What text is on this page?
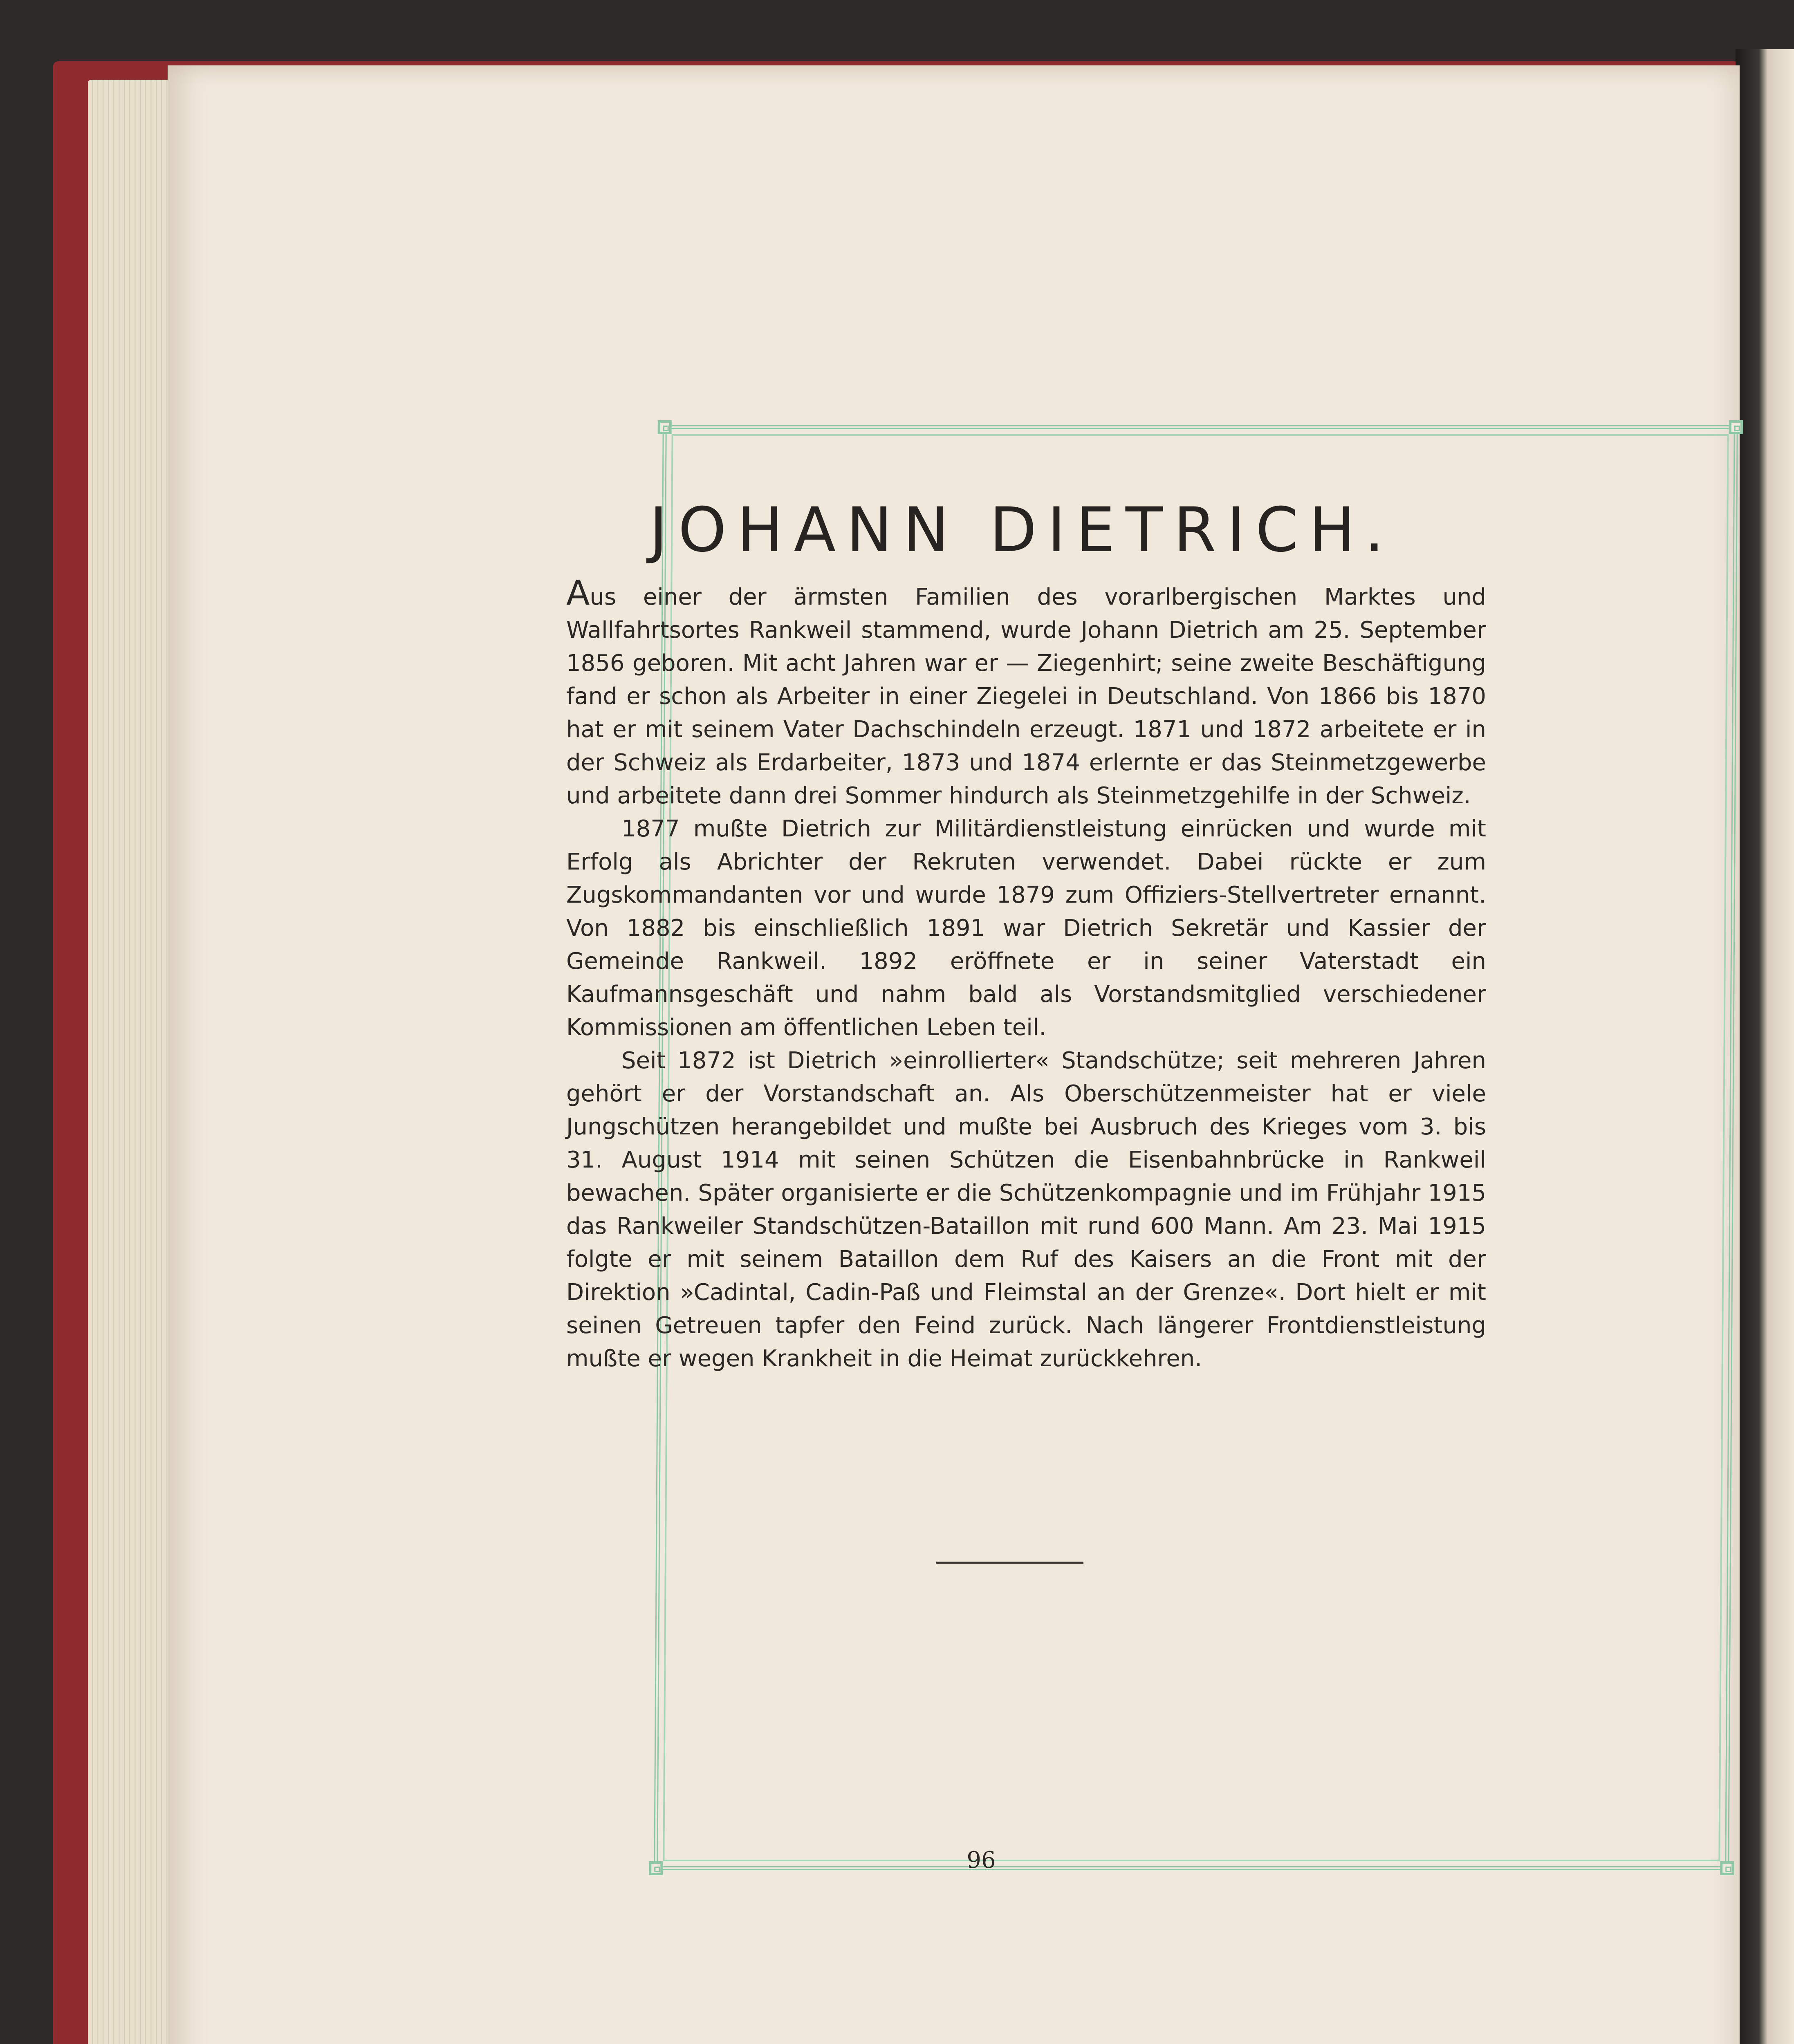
JOHANN DIETRICH.

Aus einer der ärmsten Familien des vorarlbergischen Marktes und Wallfahrtsortes Rankweil stammend, wurde Johann Dietrich am 25. September 1856 geboren. Mit acht Jahren war er — Ziegenhirt; seine zweite Beschäftigung fand er schon als Arbeiter in einer Ziegelei in Deutschland. Von 1866 bis 1870 hat er mit seinem Vater Dachschindeln erzeugt. 1871 und 1872 arbeitete er in der Schweiz als Erdarbeiter, 1873 und 1874 erlernte er das Steinmetzgewerbe und arbeitete dann drei Sommer hindurch als Steinmetzgehilfe in der Schweiz.

1877 mußte Dietrich zur Militärdienstleistung einrücken und wurde mit Erfolg als Abrichter der Rekruten verwendet. Dabei rückte er zum Zugskommandanten vor und wurde 1879 zum Offiziers-Stellvertreter ernannt. Von 1882 bis einschließlich 1891 war Dietrich Sekretär und Kassier der Gemeinde Rankweil. 1892 eröffnete er in seiner Vaterstadt ein Kaufmannsgeschäft und nahm bald als Vorstandsmitglied verschiedener Kommissionen am öffentlichen Leben teil.

Seit 1872 ist Dietrich »einrollierter« Standschütze; seit mehreren Jahren gehört er der Vorstandschaft an. Als Oberschützenmeister hat er viele Jungschützen herangebildet und mußte bei Ausbruch des Krieges vom 3. bis 31. August 1914 mit seinen Schützen die Eisenbahnbrücke in Rankweil bewachen. Später organisierte er die Schützenkompagnie und im Frühjahr 1915 das Rankweiler Standschützen-Bataillon mit rund 600 Mann. Am 23. Mai 1915 folgte er mit seinem Bataillon dem Ruf des Kaisers an die Front mit der Direktion »Cadintal, Cadin-Paß und Fleimstal an der Grenze«. Dort hielt er mit seinen Getreuen tapfer den Feind zurück. Nach längerer Frontdienstleistung mußte er wegen Krankheit in die Heimat zurückkehren.

96
